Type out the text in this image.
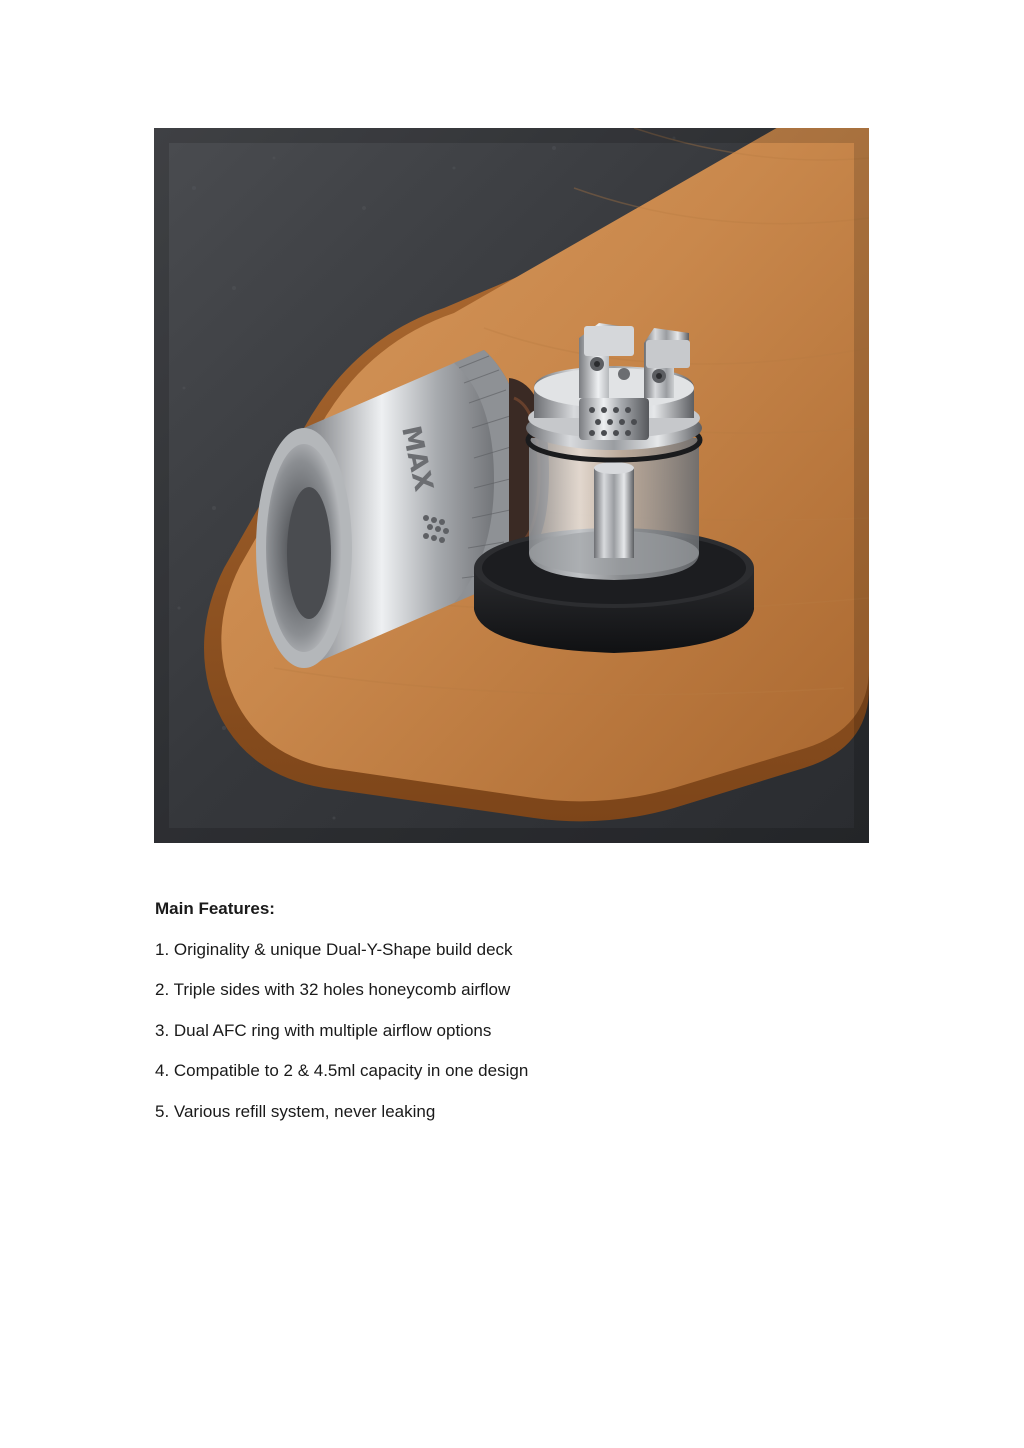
MAX
Main Features:
1. Originality & unique Dual-Y-Shape build deck
2. Triple sides with 32 holes honeycomb airflow
3. Dual AFC ring with multiple airflow options
4. Compatible to 2 & 4.5ml capacity in one design
5. Various refill system, never leaking
